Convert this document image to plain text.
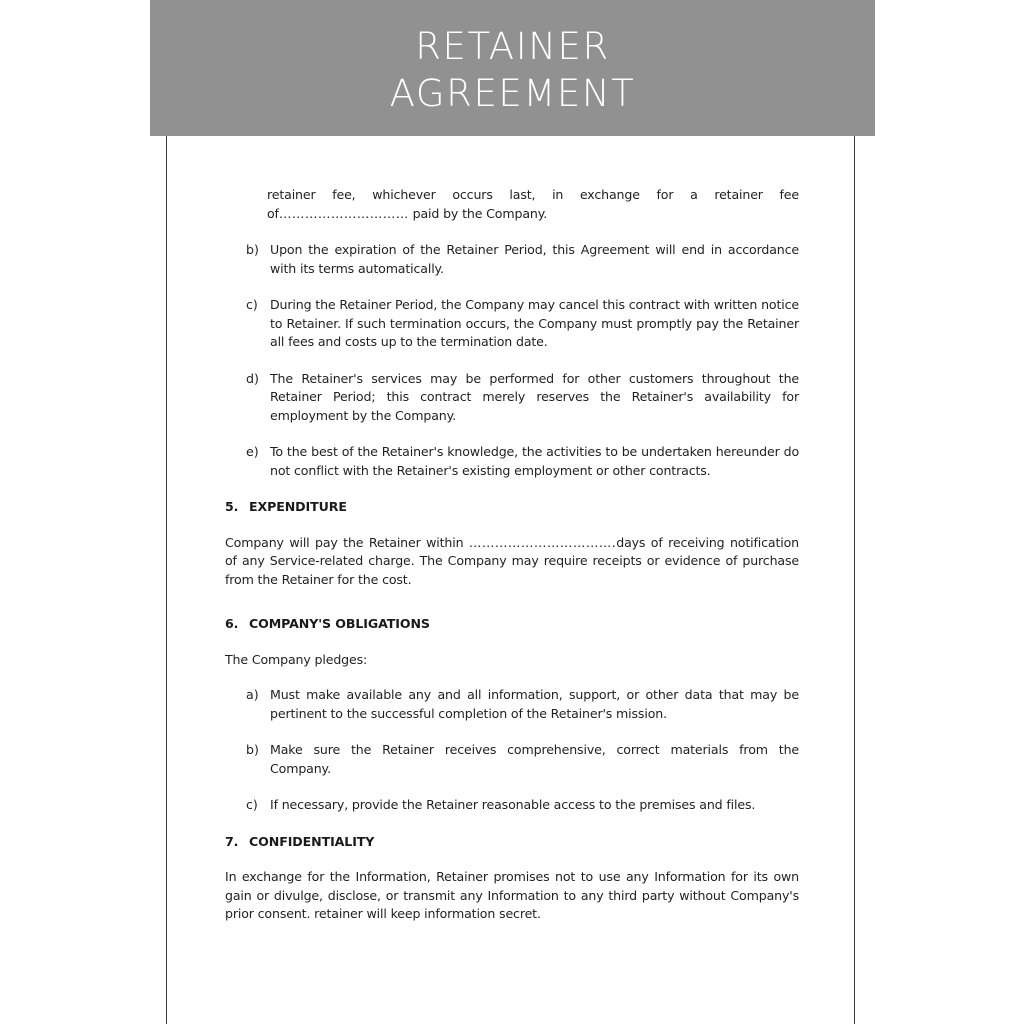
RETAINER
AGREEMENT

retainer fee, whichever occurs last, in exchange for a retainer fee of………………………… paid by the Company.

b) Upon the expiration of the Retainer Period, this Agreement will end in accordance with its terms automatically.
c) During the Retainer Period, the Company may cancel this contract with written notice to Retainer. If such termination occurs, the Company must promptly pay the Retainer all fees and costs up to the termination date.
d) The Retainer's services may be performed for other customers throughout the Retainer Period; this contract merely reserves the Retainer's availability for employment by the Company.
e) To the best of the Retainer's knowledge, the activities to be undertaken hereunder do not conflict with the Retainer's existing employment or other contracts.
5. EXPENDITURE

Company will pay the Retainer within …………………………….days of receiving notification of any Service-related charge. The Company may require receipts or evidence of purchase from the Retainer for the cost.

6. COMPANY'S OBLIGATIONS

The Company pledges:

a) Must make available any and all information, support, or other data that may be pertinent to the successful completion of the Retainer's mission.
b) Make sure the Retainer receives comprehensive, correct materials from the Company.
c) If necessary, provide the Retainer reasonable access to the premises and files.
7. CONFIDENTIALITY

In exchange for the Information, Retainer promises not to use any Information for its own gain or divulge, disclose, or transmit any Information to any third party without Company's prior consent. retainer will keep information secret.
